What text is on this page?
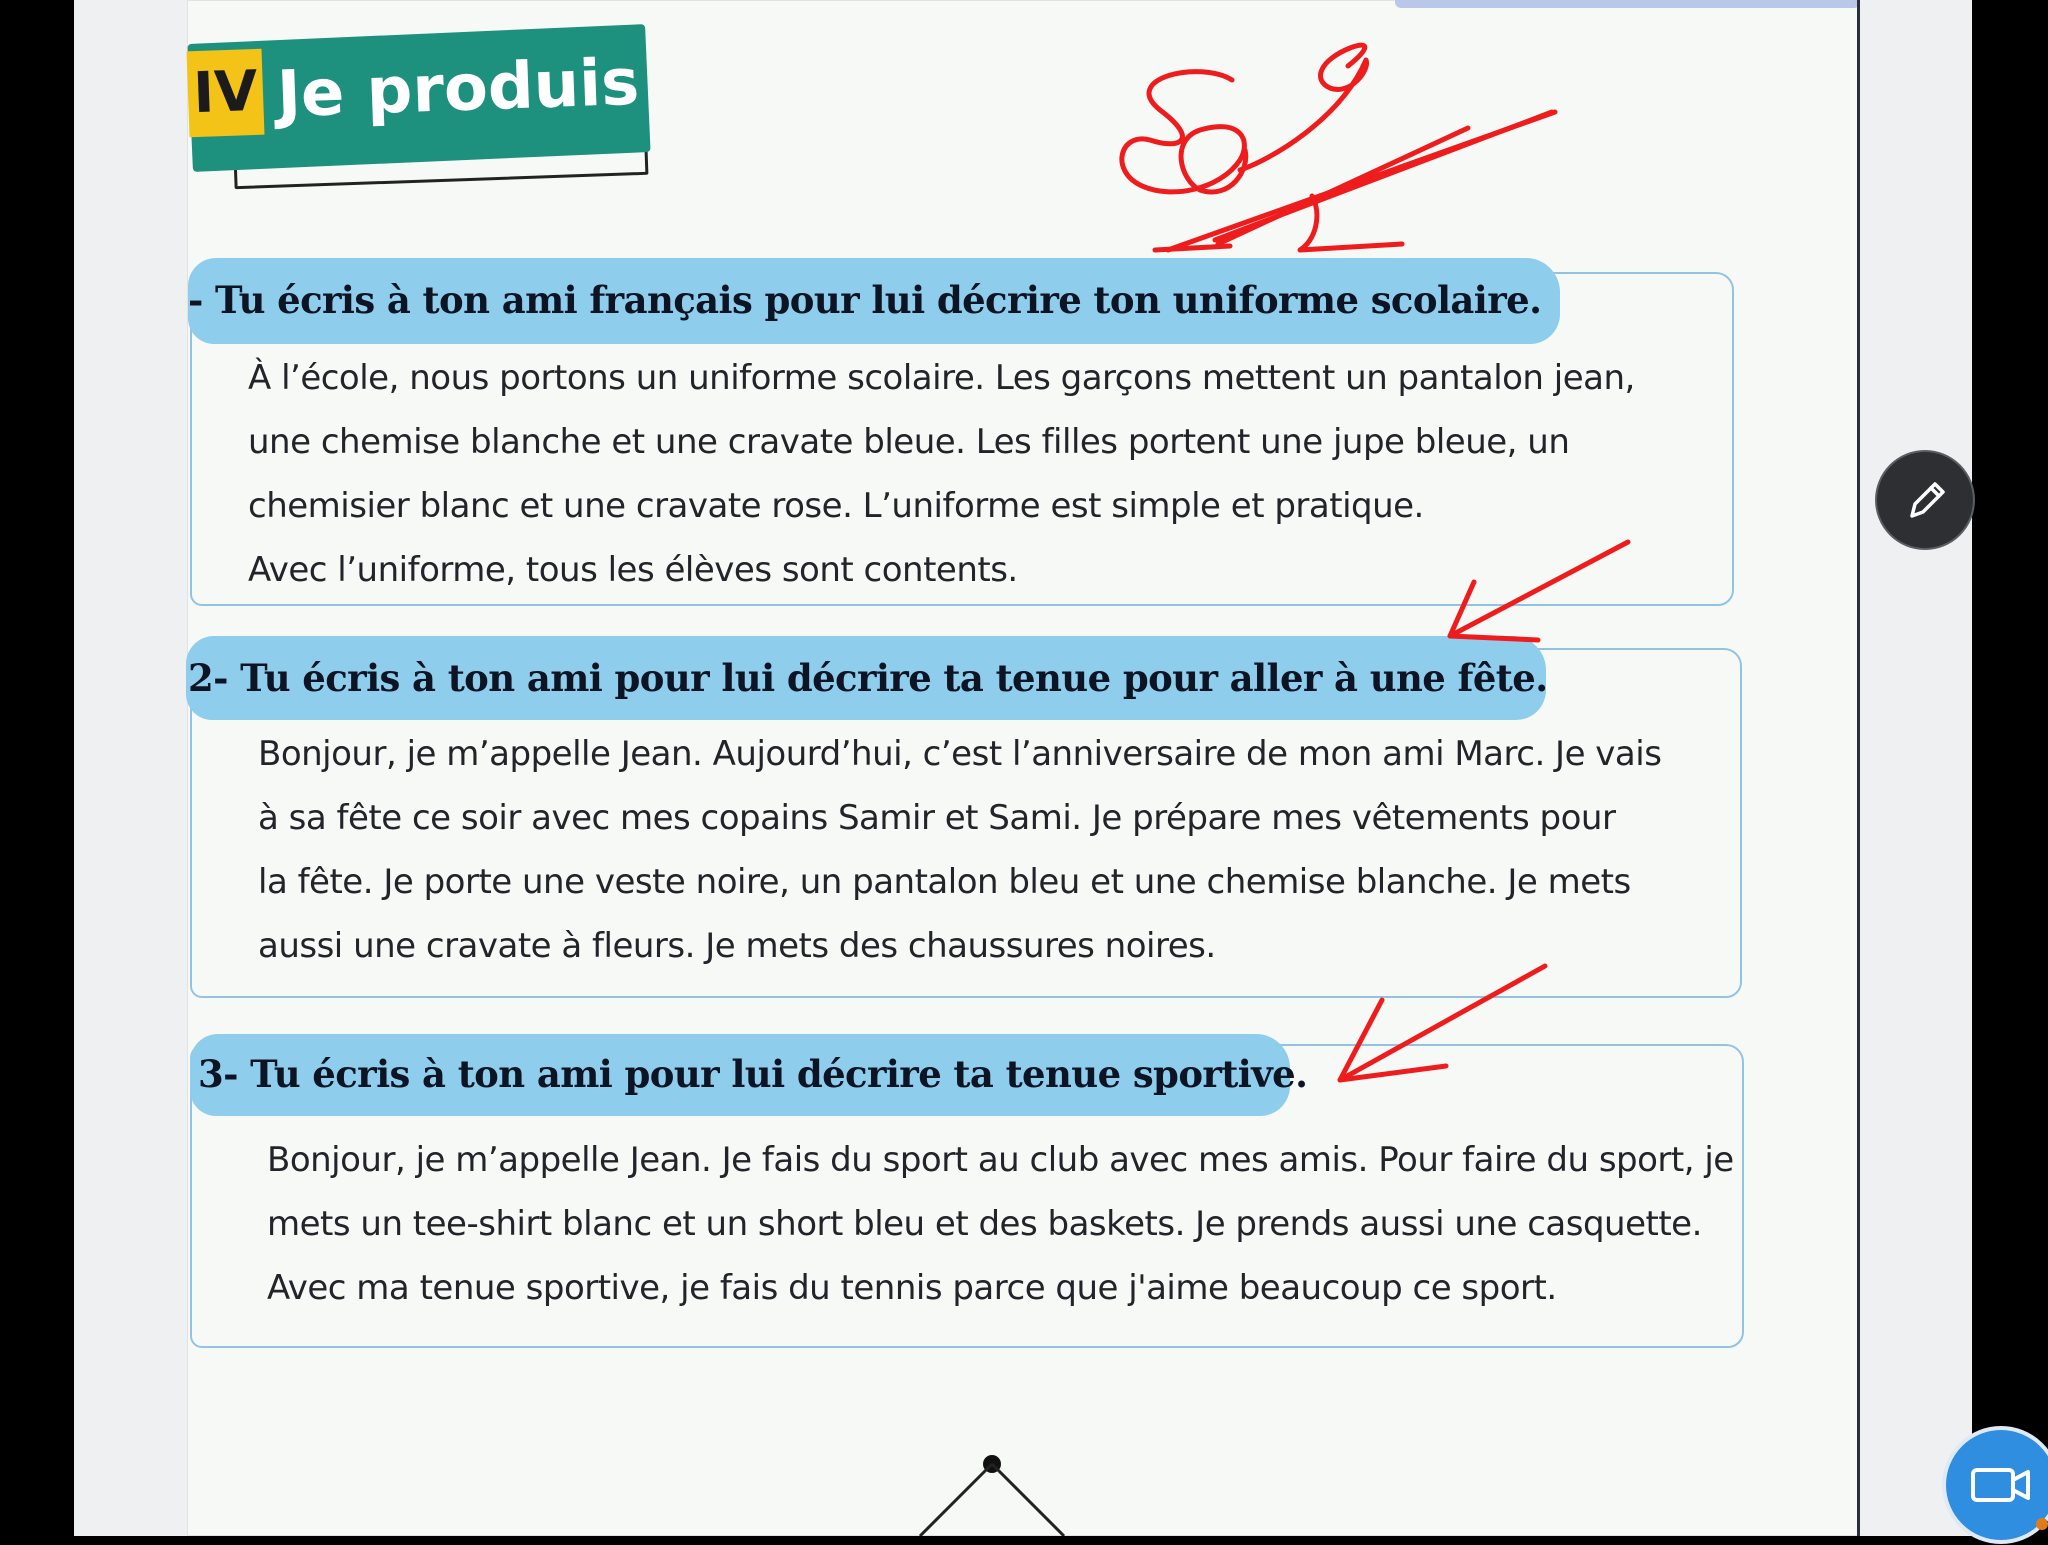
IV Je produis
- Tu écris à ton ami français pour lui décrire ton uniforme scolaire.
À l’école, nous portons un uniforme scolaire. Les garçons mettent un pantalon jean,
une chemise blanche et une cravate bleue. Les filles portent une jupe bleue, un
chemisier blanc et une cravate rose. L’uniforme est simple et pratique.
Avec l’uniforme, tous les élèves sont contents.
2- Tu écris à ton ami pour lui décrire ta tenue pour aller à une fête.
Bonjour, je m’appelle Jean. Aujourd’hui, c’est l’anniversaire de mon ami Marc. Je vais
à sa fête ce soir avec mes copains Samir et Sami. Je prépare mes vêtements pour
la fête. Je porte une veste noire, un pantalon bleu et une chemise blanche. Je mets
aussi une cravate à fleurs. Je mets des chaussures noires.
3- Tu écris à ton ami pour lui décrire ta tenue sportive.
Bonjour, je m’appelle Jean. Je fais du sport au club avec mes amis. Pour faire du sport, je
mets un tee-shirt blanc et un short bleu et des baskets. Je prends aussi une casquette.
Avec ma tenue sportive, je fais du tennis parce que j'aime beaucoup ce sport.
